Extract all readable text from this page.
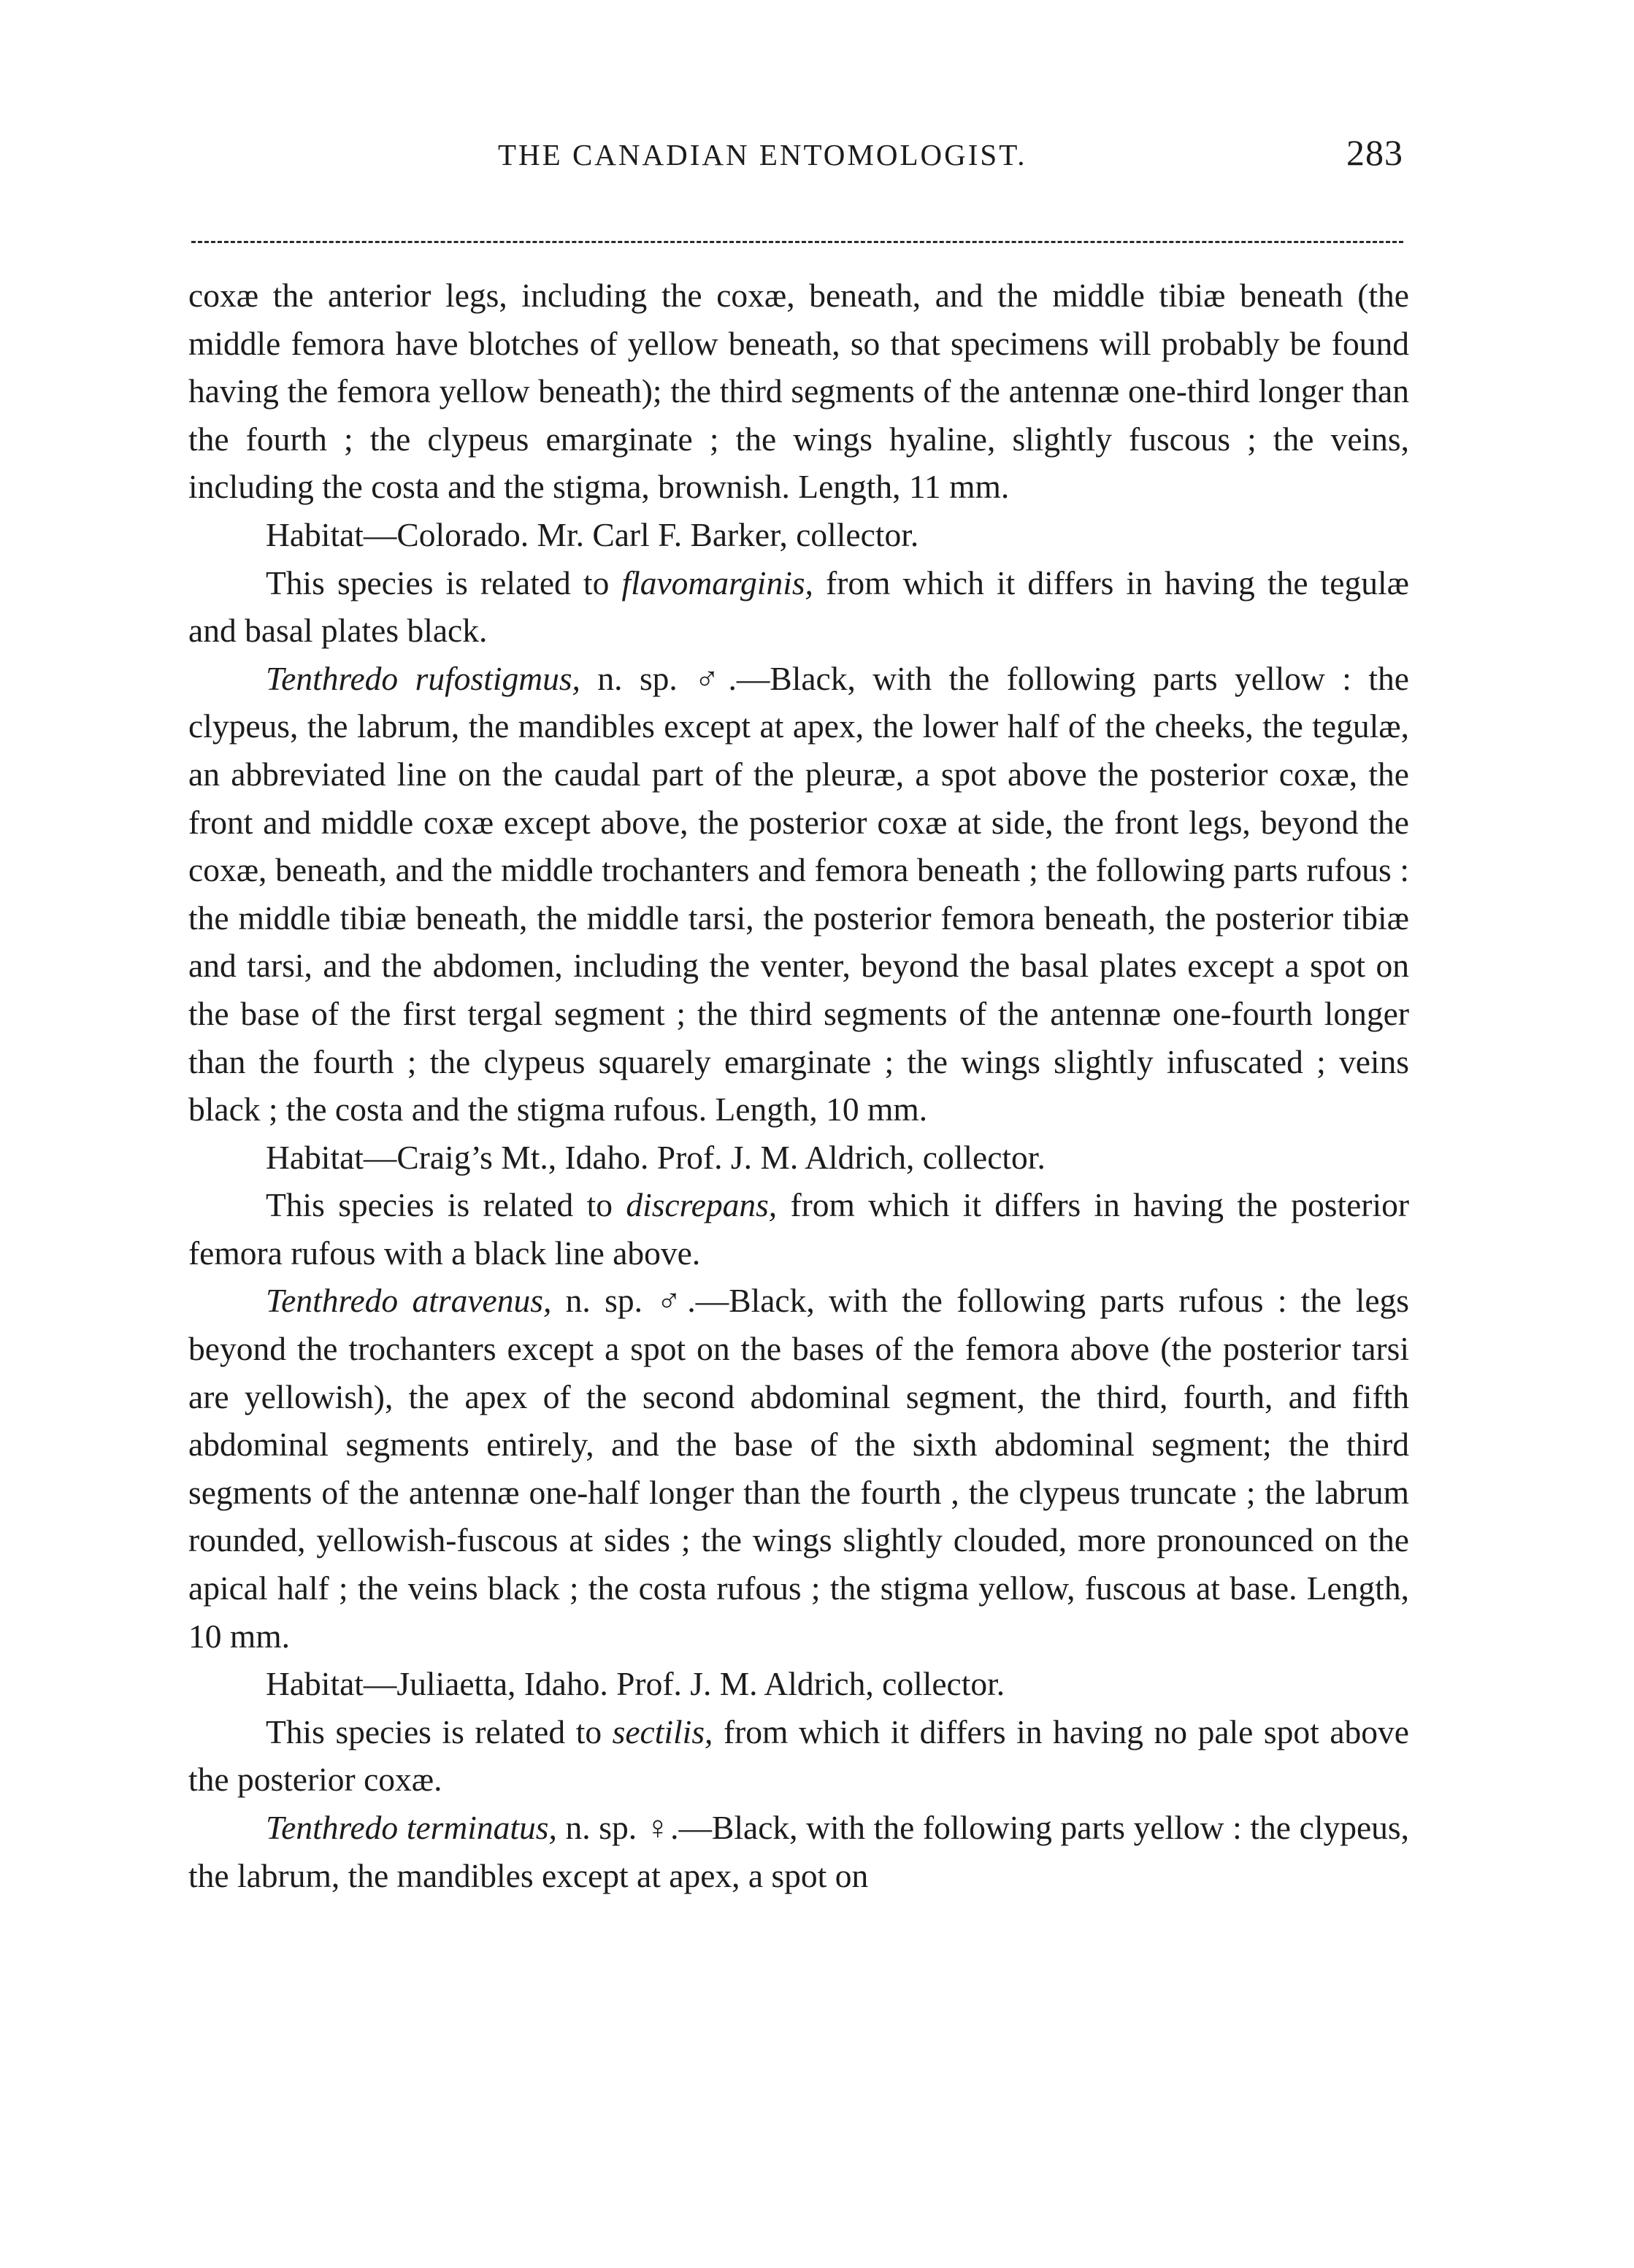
THE CANADIAN ENTOMOLOGIST.	283

coxæ the anterior legs, including the coxæ, beneath, and the middle tibiæ beneath (the middle femora have blotches of yellow beneath, so that specimens will probably be found having the femora yellow beneath); the third segments of the antennæ one-third longer than the fourth ; the clypeus emarginate ; the wings hyaline, slightly fuscous ; the veins, including the costa and the stigma, brownish. Length, 11 mm.

Habitat—Colorado. Mr. Carl F. Barker, collector.

This species is related to flavomarginis, from which it differs in having the tegulæ and basal plates black.

Tenthredo rufostigmus, n. sp. ♂.—Black, with the following parts yellow : the clypeus, the labrum, the mandibles except at apex, the lower half of the cheeks, the tegulæ, an abbreviated line on the caudal part of the pleuræ, a spot above the posterior coxæ, the front and middle coxæ except above, the posterior coxæ at side, the front legs, beyond the coxæ, beneath, and the middle trochanters and femora beneath ; the following parts rufous : the middle tibiæ beneath, the middle tarsi, the posterior femora beneath, the posterior tibiæ and tarsi, and the abdomen, including the venter, beyond the basal plates except a spot on the base of the first tergal segment ; the third segments of the antennæ one-fourth longer than the fourth ; the clypeus squarely emarginate ; the wings slightly infuscated ; veins black ; the costa and the stigma rufous. Length, 10 mm.

Habitat—Craig’s Mt., Idaho. Prof. J. M. Aldrich, collector.

This species is related to discrepans, from which it differs in having the posterior femora rufous with a black line above.

Tenthredo atravenus, n. sp. ♂.—Black, with the following parts rufous : the legs beyond the trochanters except a spot on the bases of the femora above (the posterior tarsi are yellowish), the apex of the second abdominal segment, the third, fourth, and fifth abdominal segments entirely, and the base of the sixth abdominal segment; the third segments of the antennæ one-half longer than the fourth , the clypeus truncate ; the labrum rounded, yellowish-fuscous at sides ; the wings slightly clouded, more pronounced on the apical half ; the veins black ; the costa rufous ; the stigma yellow, fuscous at base. Length, 10 mm.

Habitat—Juliaetta, Idaho. Prof. J. M. Aldrich, collector.

This species is related to sectilis, from which it differs in having no pale spot above the posterior coxæ.

Tenthredo terminatus, n. sp. ♀.—Black, with the following parts yellow : the clypeus, the labrum, the mandibles except at apex, a spot on
